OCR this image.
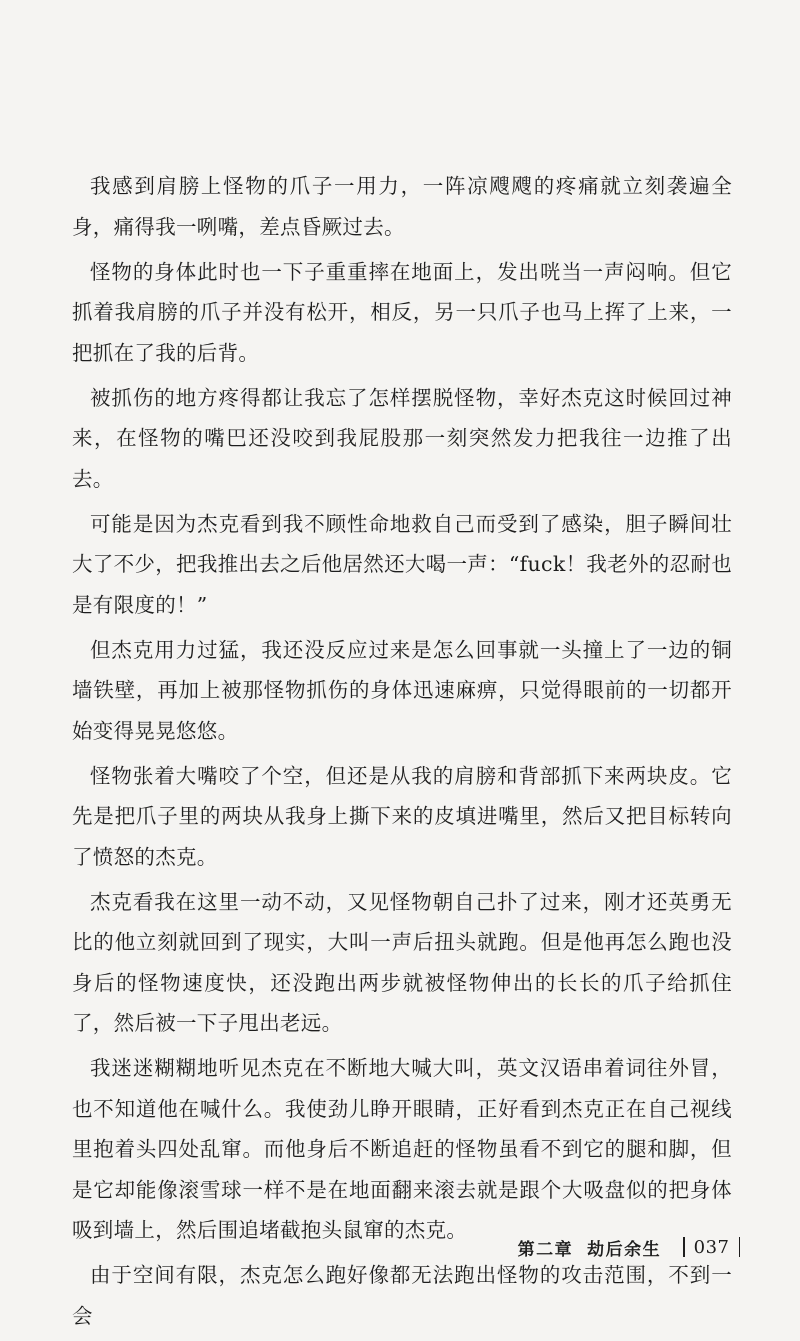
我感到肩膀上怪物的爪子一用力，一阵凉飕飕的疼痛就立刻袭遍全身，痛得我一咧嘴，差点昏厥过去。

怪物的身体此时也一下子重重摔在地面上，发出咣当一声闷响。但它抓着我肩膀的爪子并没有松开，相反，另一只爪子也马上挥了上来，一把抓在了我的后背。

被抓伤的地方疼得都让我忘了怎样摆脱怪物，幸好杰克这时候回过神来，在怪物的嘴巴还没咬到我屁股那一刻突然发力把我往一边推了出去。

可能是因为杰克看到我不顾性命地救自己而受到了感染，胆子瞬间壮大了不少，把我推出去之后他居然还大喝一声：“fuck！我老外的忍耐也是有限度的！”

但杰克用力过猛，我还没反应过来是怎么回事就一头撞上了一边的铜墙铁壁，再加上被那怪物抓伤的身体迅速麻痹，只觉得眼前的一切都开始变得晃晃悠悠。

怪物张着大嘴咬了个空，但还是从我的肩膀和背部抓下来两块皮。它先是把爪子里的两块从我身上撕下来的皮填进嘴里，然后又把目标转向了愤怒的杰克。

杰克看我在这里一动不动，又见怪物朝自己扑了过来，刚才还英勇无比的他立刻就回到了现实，大叫一声后扭头就跑。但是他再怎么跑也没身后的怪物速度快，还没跑出两步就被怪物伸出的长长的爪子给抓住了，然后被一下子甩出老远。

我迷迷糊糊地听见杰克在不断地大喊大叫，英文汉语串着词往外冒，也不知道他在喊什么。我使劲儿睁开眼睛，正好看到杰克正在自己视线里抱着头四处乱窜。而他身后不断追赶的怪物虽看不到它的腿和脚，但是它却能像滚雪球一样不是在地面翻来滚去就是跟个大吸盘似的把身体吸到墙上，然后围追堵截抱头鼠窜的杰克。

由于空间有限，杰克怎么跑好像都无法跑出怪物的攻击范围，不到一会

第二章 劫后余生 037
